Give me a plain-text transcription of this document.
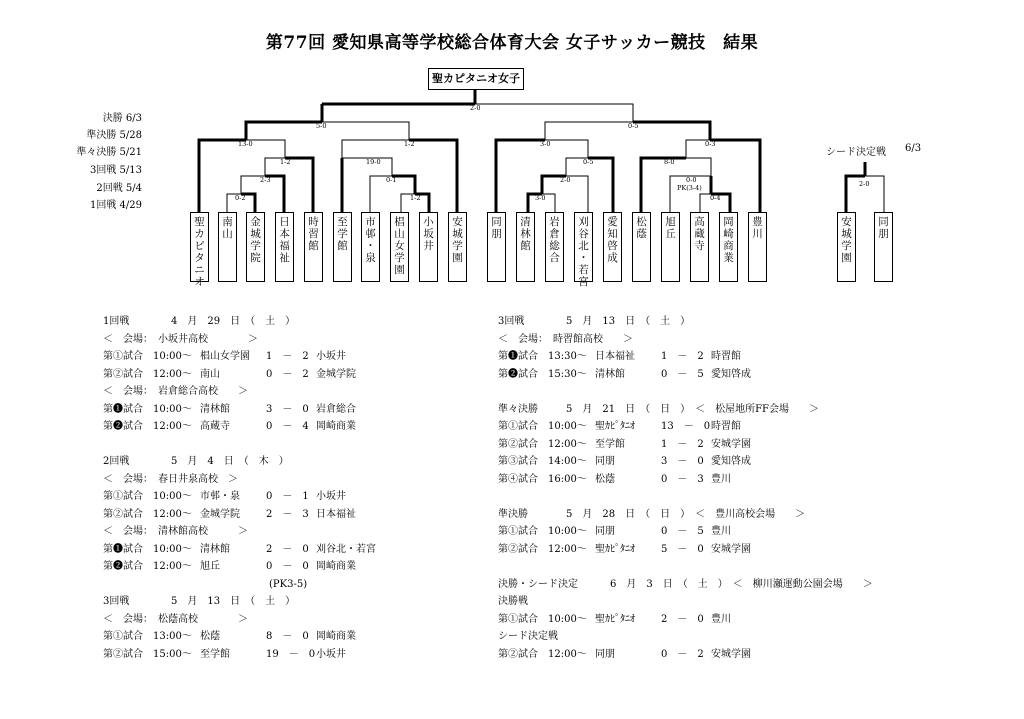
第77回 愛知県高等学校総合体育大会 女子サッカー競技　結果
聖カピタニオ女子
決勝 6/3
準決勝 5/28
準々決勝 5/21
3回戦 5/13
2回戦 5/4
1回戦 4/29
シード決定戦 6/3
2-0
5-0	0-5
13-0	1-2	3-0	0-3
1-2	19-0	0-5	8-0
2-3	0-1	2-0	0-0
PK(3-4)
0-2	1-2	3-0	0-4
2-0
聖
カ
ピ
タ
ニ
オ
南
山
金
城
学
院
日
本
福
祉
時
習
館
至
学
館
市
邨
・
泉
椙
山
女
学
園
小
坂
井
安
城
学
園
同
朋
清
林
館
岩
倉
総
合
刈
谷
北
・
若
宮
愛
知
啓
成
松
蔭
旭
丘
高
蔵
寺
岡
崎
商
業
豊
川
安
城
学
園
同
朋
1回戦	4　月　29　日　（　土　）
＜　会場：　小坂井高校　　　　＞
第①試合 10:00～ 椙山女学園 1　－　2 小坂井
第②試合 12:00～ 南山	0　－　2 金城学院
＜　会場：　岩倉総合高校　　＞
第❶試合 10:00～ 清林館	3　－　0 岩倉総合
第❷試合 12:00～ 高蔵寺	0　－　4 岡崎商業
2回戦	5　月　4　日　（　木　）
＜　会場：　春日井泉高校　＞
第①試合 10:00～ 市邨・泉	0　－　1 小坂井
第②試合 12:00～ 金城学院	2　－　3 日本福祉
＜　会場：　清林館高校　　　＞
第❶試合 10:00～ 清林館	2　－　0 刈谷北・若宮
第❷試合 12:00～ 旭丘	0　－　0 岡崎商業
(PK3-5)
3回戦	5　月　13　日　（　土　）
＜　会場：　松蔭高校　　　　＞
第①試合 13:00～ 松蔭	8　－　0 岡崎商業
第②試合 15:00～ 至学館	19　－　0 小坂井
3回戦	5　月　13　日　（　土　）
＜　会場：　時習館高校　　＞
第❶試合 13:30～ 日本福祉	1　－　2 時習館
第❷試合 15:30～ 清林館	0　－　5 愛知啓成
準々決勝	5　月　21　日　（　日　）　＜　松屋地所FF会場　　＞
第①試合 10:00～ 聖ｶﾋﾟﾀﾆｵ	13　－　0 時習館
第②試合 12:00～ 至学館	1　－　2 安城学園
第③試合 14:00～ 同朋	3　－　0 愛知啓成
第④試合 16:00～ 松蔭	0　－　3 豊川
準決勝	5　月　28　日　（　日　）　＜　豊川高校会場　　＞
第①試合 10:00～ 同朋	0　－　5 豊川
第②試合 12:00～ 聖ｶﾋﾟﾀﾆｵ	5　－　0 安城学園
決勝・シード決定	6　月　3　日　（　土　）　＜　柳川瀬運動公園会場　　＞
決勝戦
第①試合 10:00～ 聖ｶﾋﾟﾀﾆｵ	2　－　0 豊川
シード決定戦
第②試合 12:00～ 同朋	0　－　2 安城学園
